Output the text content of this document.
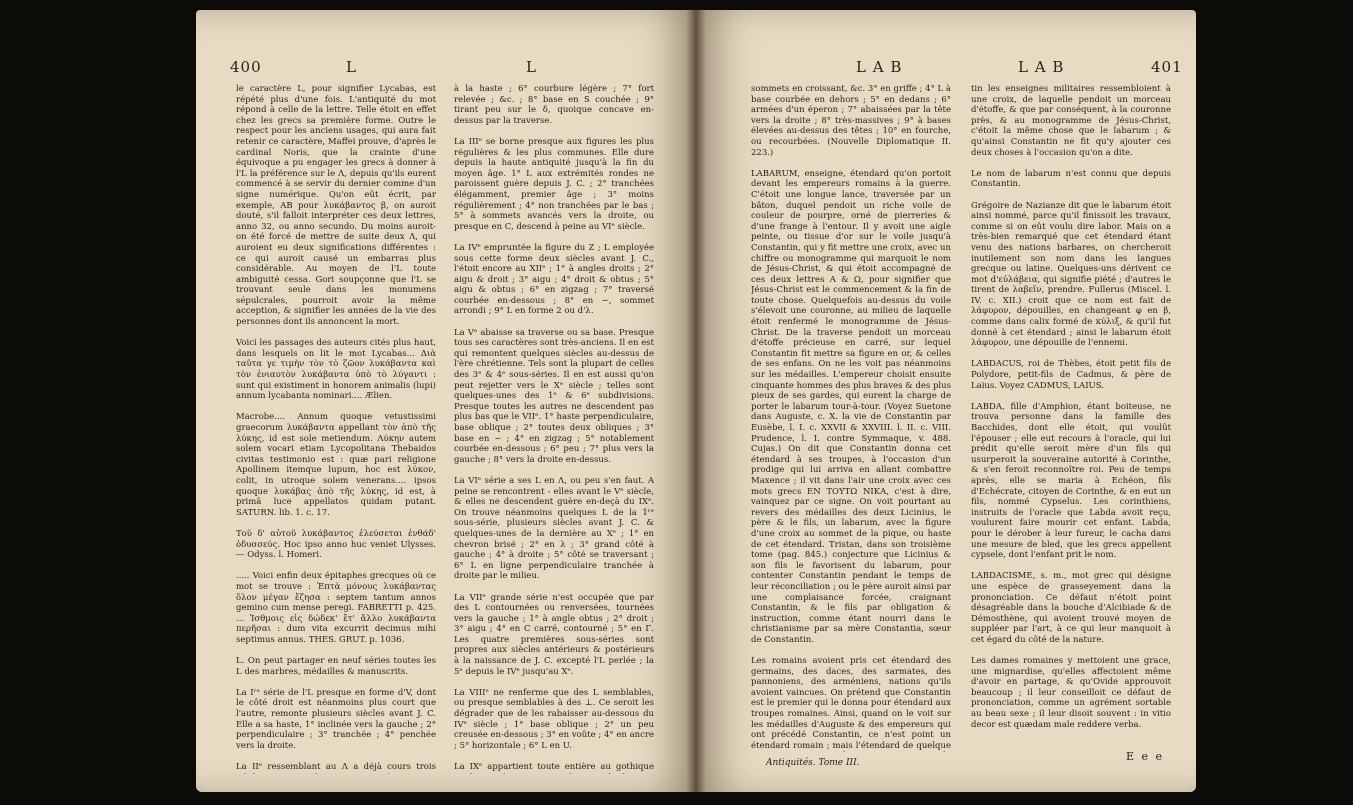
400	L	L
le caractère L, pour signifier Lycabas, est répété plus d'une fois. L'antiquité du mot répond à celle de la lettre. Telle étoit en effet chez les grecs sa première forme. Outre le respect pour les anciens usages, qui aura fait retenir ce caractère, Maffei prouve, d'après le cardinal Noris, que la crainte d'une équivoque a pu engager les grecs à donner à l'L la préférence sur le Λ, depuis qu'ils eurent commencé à se servir du dernier comme d'un signe numérique. Qu'on eût écrit, par exemple, ΑΒ pour λυκάβαντος β, on auroit douté, s'il falloit interpréter ces deux lettres, anno 32, ou anno secundo. Du moins auroit-on été forcé de mettre de suite deux Λ, qui auroient eu deux significations différentes : ce qui auroit causé un embarras plus considérable. Au moyen de l'L toute ambiguité cessa. Gori soupçonne que l'L se trouvant seule dans les monumens sépulcrales, pourroit avoir la même acception, & signifier les années de la vie des personnes dont ils annoncent la mort.

Voici les passages des auteurs cités plus haut, dans lesquels on lit le mot Lycabas... Διὰ ταῦτα γε τιμὴν τὸν τὸ ζῶον λυκάβαντα καὶ τὸν ἐνιαυτὸν λυκάβαντα ὑπὸ τὸ λύγαντι : sunt qui existiment in honorem animalis (lupi) annum lycabanta nominari.... Ælien.

Macrobe.... Annum quoque vetustissimi graecorum λυκάβαντα appellant τὸν ἀπὸ τῆς λύκης, id est sole metiendum. Λύκην autem solem vocari etiam Lycopolitana Thebaidos civitas testimonio est : quæ pari religione Apollinem itemque lupum, hoc est λύκον, colit, in utroque solem venerans.... ipsos quoque λυκάβας ἀπὸ τῆς λύκης, id est, à primâ luce appellatos quidam putant. SATURN. lib. 1. c. 17.

Τοῦ δ' αὐτοῦ λυκάβαντος ἐλεύσεται ἐνθάδ' ὀδυσσεύς. Hoc ipso anno huc veniet Ulysses. — Odyss. l. Homeri.

..... Voici enfin deux épitaphes grecques où ce mot se trouve : Ἑπτὰ μόνους λυκάβαντας ὅλον μέγαν ἔζησα : septem tantum annos gemino cum mense peregi. FABRETTI p. 425. ... Ἰσθμοις εἰς δώδεκ' ἔτ' ἄλλο λυκάβαντα περῆσαι : dum vita excurrit decimus mihi septimus annus. THES. GRUT. p. 1036.

L. On peut partager en neuf séries toutes les L des marbres, médailles & manuscrits.

La Iʳᵉ série de l'L presque en forme d'V, dont le côté droit est néanmoins plus court que l'autre, remonte plusieurs siècles avant J. C. Elle a sa haste, 1° inclinée vers la gauche ; 2° perpendiculaire ; 3° tranchée ; 4° penchée vers la droite.

La IIᵉ ressemblant au Λ a déjà cours trois
à la haste ; 6° courbure légère ; 7° fort relevée ; &c. ; 8° base en S couchée ; 9° tirant peu sur le δ, quoique concave en-dessus par la traverse.

La IIIᵉ se borne presque aux figures les plus régulières & les plus communes. Elle dure depuis la haute antiquité jusqu'à la fin du moyen âge. 1° L aux extrémités rondes ne paroissent guère depuis J. C. ; 2° tranchées élégamment, premier âge ; 3° moins régulièrement ; 4° non tranchées par le bas ; 5° à sommets avancés vers la droite, ou presque en C, descend à peine au VIᵉ siècle.

La IVᵉ empruntée la figure du Z ; L employée sous cette forme deux siècles avant J. C., l'étoit encore au XIIᵉ ; 1° à angles droits ; 2° aigu & droit ; 3° aigu ; 4° droit & obtus ; 5° aigu & obtus ; 6° en zigzag ; 7° traversé courbée en-dessous ; 8° en ∽, sommet arrondi ; 9° L en forme 2 ou d'λ.

La Vᵉ abaisse sa traverse ou sa base. Presque tous ses caractères sont très-anciens. Il en est qui remontent quelques siècles au-dessus de l'ère chrétienne. Tels sont la plupart de celles des 3ᵉ & 4ᵉ sous-séries. Il en est aussi qu'on peut rejetter vers le Xᵉ siècle ; telles sont quelques-unes des 1ᵉ & 6ᵉ subdivisions. Presque toutes les autres ne descendent pas plus bas que le VIIᵉ. 1° haste perpendiculaire, base oblique ; 2° toutes deux obliques ; 3° base en ∽ ; 4° en zigzag ; 5° notablement courbée en-dessous ; 6° peu ; 7° plus vers la gauche ; 8° vers la droite en-dessus.

La VIᵉ série a ses L en Λ, ou peu s'en faut. A peine se rencontrent - elles avant le Vᵉ siècle, & elles ne descendent guère en-deçà du IXᵉ. On trouve néanmoins quelques L de la 1ʳᵉ sous-série, plusieurs siècles avant J. C. & quelques-unes de la dernière au Xᵉ ; 1° en chevron brisé ; 2° en λ ; 3° grand côté à gauche ; 4° à droite ; 5° côté se traversant ; 6° L en ligne perpendiculaire tranchée à droite par le milieu.

La VIIᵉ grande série n'est occupée que par des L contournées ou renversées, tournées vers la gauche ; 1° à angle obtus ; 2° droit ; 3° aigu ; 4° en C carré, contourné ; 5° en Γ. Les quatre premières sous-séries sont propres aux siècles antérieurs & postérieurs à la naissance de J. C. excepté l'L perlée ; la 5ᵉ depuis le IVᵉ jusqu'au Xᵉ.

La VIIIᵉ ne renferme que des L semblables, ou presque semblables à des ⊥. Ce seroit les dégrader que de les rabaisser au-dessous du IVᵉ siècle ; 1° base oblique ; 2° un peu creusée en-dessous ; 3° en voûte ; 4° en ancre ; 5° horizontale ; 6° L en U.

La IXᵉ appartient toute entière au gothique
L A B	L A B	401
sommets en croissant, &c. 3° en griffe ; 4° L à base courbée en dehors ; 5° en dedans ; 6° armées d'un éperon ; 7° abaissées par la tête vers la droite ; 8° très-massives ; 9° à bases élevées au-dessus des têtes ; 10° en fourche, ou recourbées. (Nouvelle Diplomatique II. 223.)

LABARUM, enseigne, étendard qu'on portoit devant les empereurs romains à la guerre. C'étoit une longue lance, traversée par un bâton, duquel pendoit un riche voile de couleur de pourpre, orné de pierreries & d'une frange à l'entour. Il y avoit une aigle peinte, ou tissue d'or sur le voile jusqu'à Constantin, qui y fit mettre une croix, avec un chiffre ou monogramme qui marquoit le nom de Jésus-Christ, & qui étoit accompagné de ces deux lettres Α & Ω, pour signifier que Jésus-Christ est le commencement & la fin de toute chose. Quelquefois au-dessus du voile s'élevoit une couronne, au milieu de laquelle étoit renfermé le monogramme de Jésus-Christ. De la traverse pendoit un morceau d'étoffe précieuse en carré, sur lequel Constantin fit mettre sa figure en or, & celles de ses enfans. On ne les voit pas néanmoins sur les médailles. L'empereur choisit ensuite cinquante hommes des plus braves & des plus pieux de ses gardes, qui eurent la charge de porter le labarum tour-à-tour. (Voyez Suetone dans Auguste, c. X. la vie de Constantin par Eusèbe, l. I. c. XXVII & XXVIII. l. II. c. VIII. Prudence, l. I. contre Symmaque, v. 488. Cujas.) On dit que Constantin donna cet étendard à ses troupes, à l'occasion d'un prodige qui lui arriva en allant combattre Maxence ; il vit dans l'air une croix avec ces mots grecs ΕΝ ΤΟΥΤΩ ΝΙΚΑ, c'est à dire, vainquez par ce signe. On voit pourtant au revers des médailles des deux Licinius, le père & le fils, un labarum, avec la figure d'une croix au sommet de la pique, ou haste de cet étendard. Tristan, dans son troisième tome (pag. 845.) conjecture que Licinius & son fils le favorisent du labarum, pour contenter Constantin pendant le temps de leur réconciliation ; ou le père auroit ainsi par une complaisance forcée, craignant Constantin, & le fils par obligation & instruction, comme étant nourri dans le christianisme par sa mère Constantia, sœur de Constantin.

Les romains avoient pris cet étendard des germains, des daces, des sarmates, des pannoniens, des arméniens, nations qu'ils avoient vaincues. On prétend que Constantin est le premier qui le donna pour étendard aux troupes romaines. Ainsi, quand on le voit sur les médailles d'Auguste & des empereurs qui ont précédé Constantin, ce n'est point un étendard romain ; mais l'étendard de quelque
tin les enseignes militaires ressembloient à une croix, de laquelle pendoit un morceau d'étoffe, & que par conséquent, à la couronne près, & au monogramme de Jésus-Christ, c'étoit la même chose que le labarum ; & qu'ainsi Constantin ne fit qu'y ajouter ces deux choses à l'occasion qu'on a dite.

Le nom de labarum n'est connu que depuis Constantin.

Grégoire de Nazianze dit que le labarum étoit ainsi nommé, parce qu'il finissoit les travaux, comme si on eût voulu dire labor. Mais on a très-bien remarqué que cet étendard étant venu des nations barbares, on chercheroit inutilement son nom dans les langues grecque ou latine. Quelques-uns dérivent ce mot d'εὐλάβεια, qui signifie piété ; d'autres le tirent de λαβεῖν, prendre. Fullerus (Miscel. l. IV. c. XII.) croit que ce nom est fait de λάφυρον, dépouilles, en changeant φ en β, comme dans calix formé de κύλιξ, & qu'il fut donné à cet étendard ; ainsi le labarum étoit λάφυρον, une dépouille de l'ennemi.

LABDACUS, roi de Thèbes, étoit petit fils de Polydore, petit-fils de Cadmus, & père de Laius. Voyez CADMUS, LAIUS.

LABDA, fille d'Amphion, étant boiteuse, ne trouva personne dans la famille des Bacchides, dont elle étoit, qui voulût l'épouser ; elle eut recours à l'oracle, qui lui prédit qu'elle seroit mère d'un fils qui usurperoit la souveraine autorité à Corinthe, & s'en feroit reconnoître roi. Peu de temps après, elle se maria à Echéon, fils d'Echécrate, citoyen de Corinthe, & en eut un fils, nommé Cypselus. Les corinthiens, instruits de l'oracle que Labda avoit reçu, voulurent faire mourir cet enfant. Labda, pour le dérober à leur fureur, le cacha dans une mesure de bled, que les grecs appellent cypsele, dont l'enfant prit le nom.

LABDACISME, s. m., mot grec qui désigne une espèce de grasseyement dans la prononciation. Ce défaut n'étoit point désagréable dans la bouche d'Alcibiade & de Démosthène, qui avoient trouvé moyen de suppléer par l'art, à ce qui leur manquoit à cet égard du côté de la nature.

Les dames romaines y mettoient une grace, une mignardise, qu'elles affectoient même d'avoir en partage, & qu'Ovide approuvoit beaucoup ; il leur conseilloit ce défaut de prononciation, comme un agrément sortable au beau sexe ; il leur disoit souvent : in vitio decor est quædam male reddere verba.

Antiquités. Tome III.	E e e
